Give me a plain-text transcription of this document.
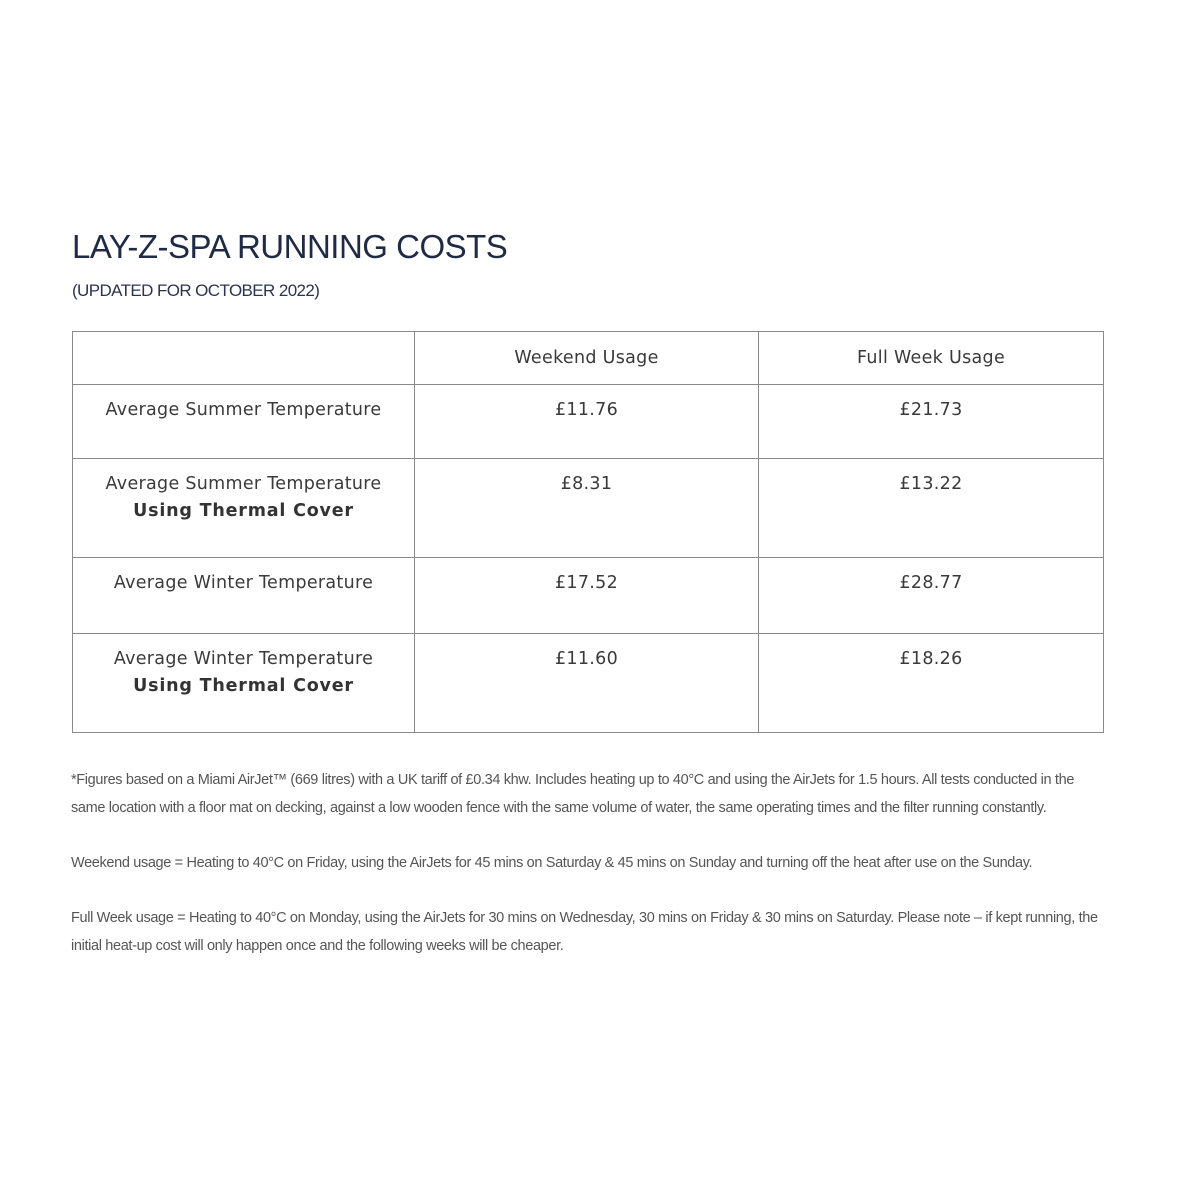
LAY-Z-SPA RUNNING COSTS

(UPDATED FOR OCTOBER 2022)

	Weekend Usage	Full Week Usage
Average Summer Temperature	£11.76	£21.73
Average Summer Temperature
Using Thermal Cover	£8.31	£13.22
Average Winter Temperature	£17.52	£28.77
Average Winter Temperature
Using Thermal Cover	£11.60	£18.26

*Figures based on a Miami AirJet™ (669 litres) with a UK tariff of £0.34 khw. Includes heating up to 40°C and using the AirJets for 1.5 hours. All tests conducted in the same location with a floor mat on decking, against a low wooden fence with the same volume of water, the same operating times and the filter running constantly.

Weekend usage = Heating to 40°C on Friday, using the AirJets for 45 mins on Saturday & 45 mins on Sunday and turning off the heat after use on the Sunday.

Full Week usage = Heating to 40°C on Monday, using the AirJets for 30 mins on Wednesday, 30 mins on Friday & 30 mins on Saturday. Please note – if kept running, the initial heat-up cost will only happen once and the following weeks will be cheaper.
